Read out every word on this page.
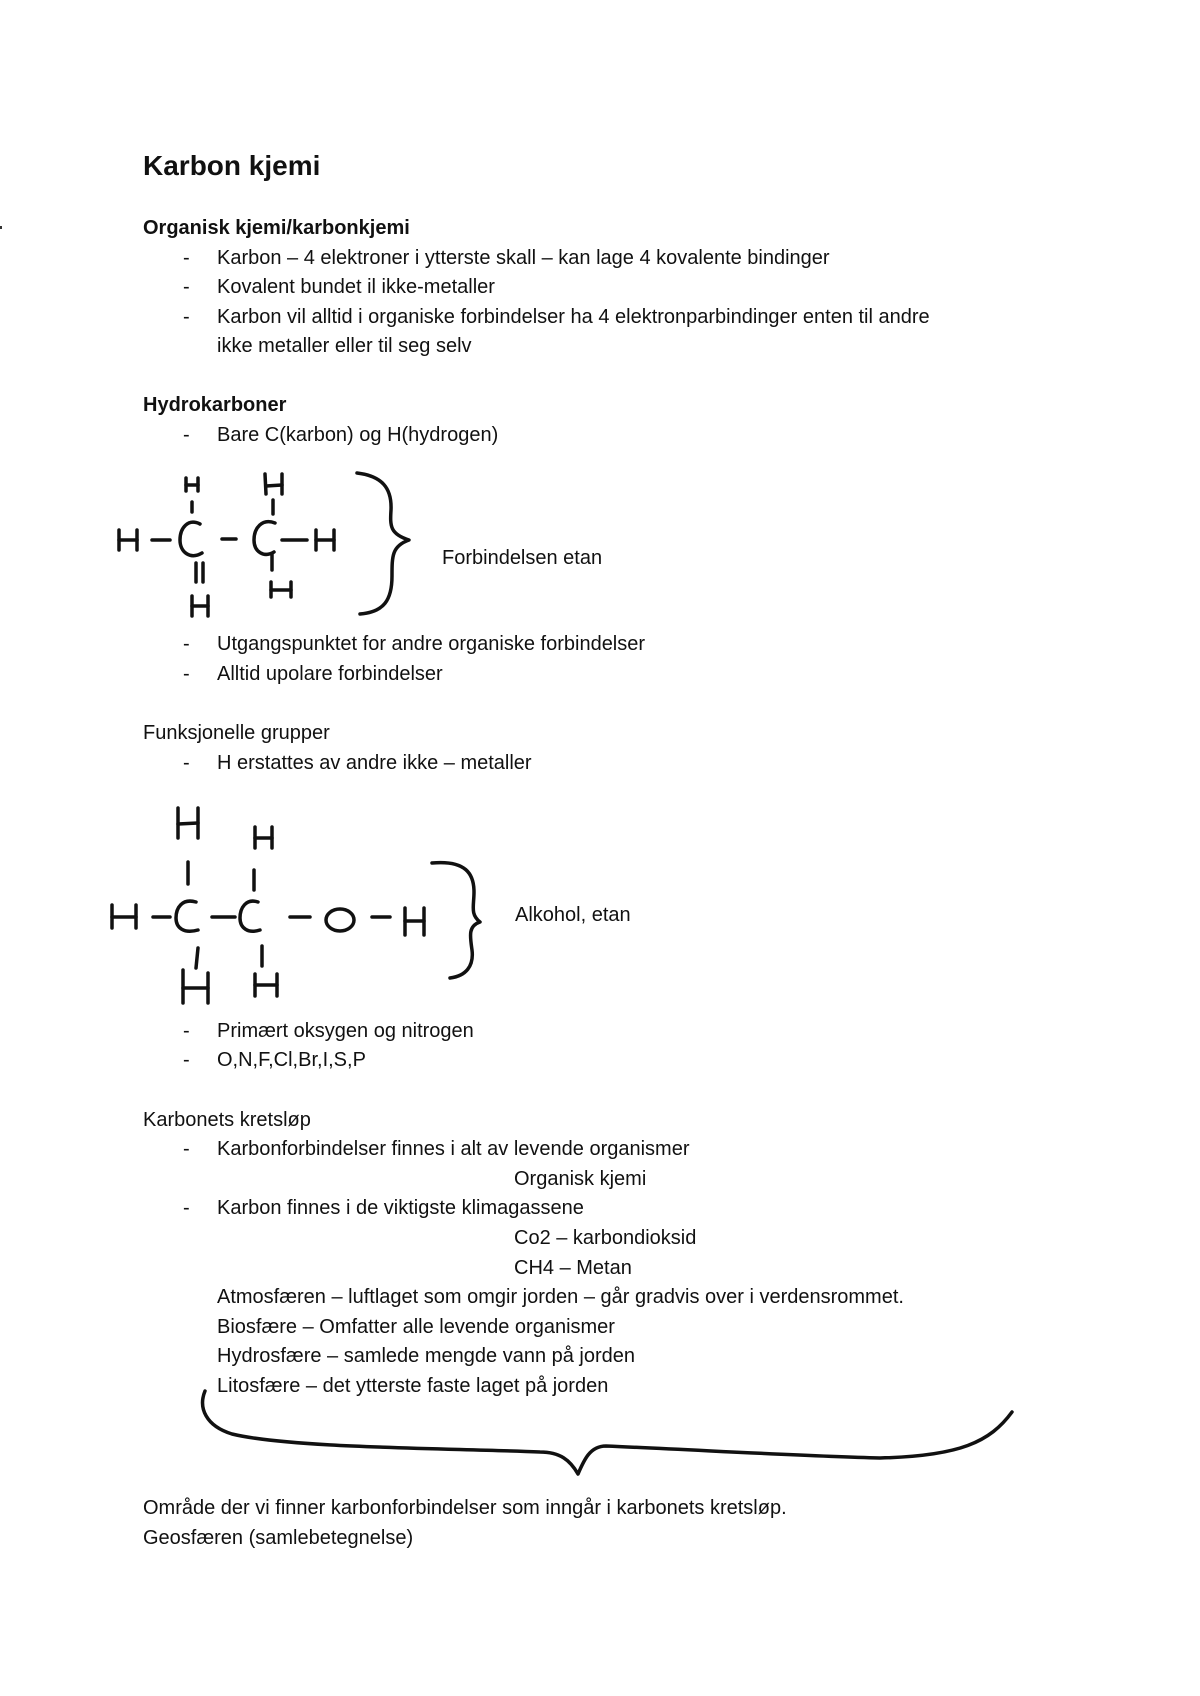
Karbon kjemi
Organisk kjemi/karbonkjemi
- Karbon – 4 elektroner i ytterste skall – kan lage 4 kovalente bindinger
- Kovalent bundet il ikke-metaller
- Karbon vil alltid i organiske forbindelser ha 4 elektronparbindinger enten til andre
ikke metaller eller til seg selv
Hydrokarboner
- Bare C(karbon) og H(hydrogen)
Forbindelsen etan
- Utgangspunktet for andre organiske forbindelser
- Alltid upolare forbindelser
Funksjonelle grupper
- H erstattes av andre ikke – metaller
Alkohol, etan
- Primært oksygen og nitrogen
- O,N,F,Cl,Br,I,S,P
Karbonets kretsløp
- Karbonforbindelser finnes i alt av levende organismer
Organisk kjemi
- Karbon finnes i de viktigste klimagassene
Co2 – karbondioksid
CH4 – Metan
Atmosfæren – luftlaget som omgir jorden – går gradvis over i verdensrommet.
Biosfære – Omfatter alle levende organismer
Hydrosfære – samlede mengde vann på jorden
Litosfære – det ytterste faste laget på jorden
Område der vi finner karbonforbindelser som inngår i karbonets kretsløp.
Geosfæren (samlebetegnelse)
